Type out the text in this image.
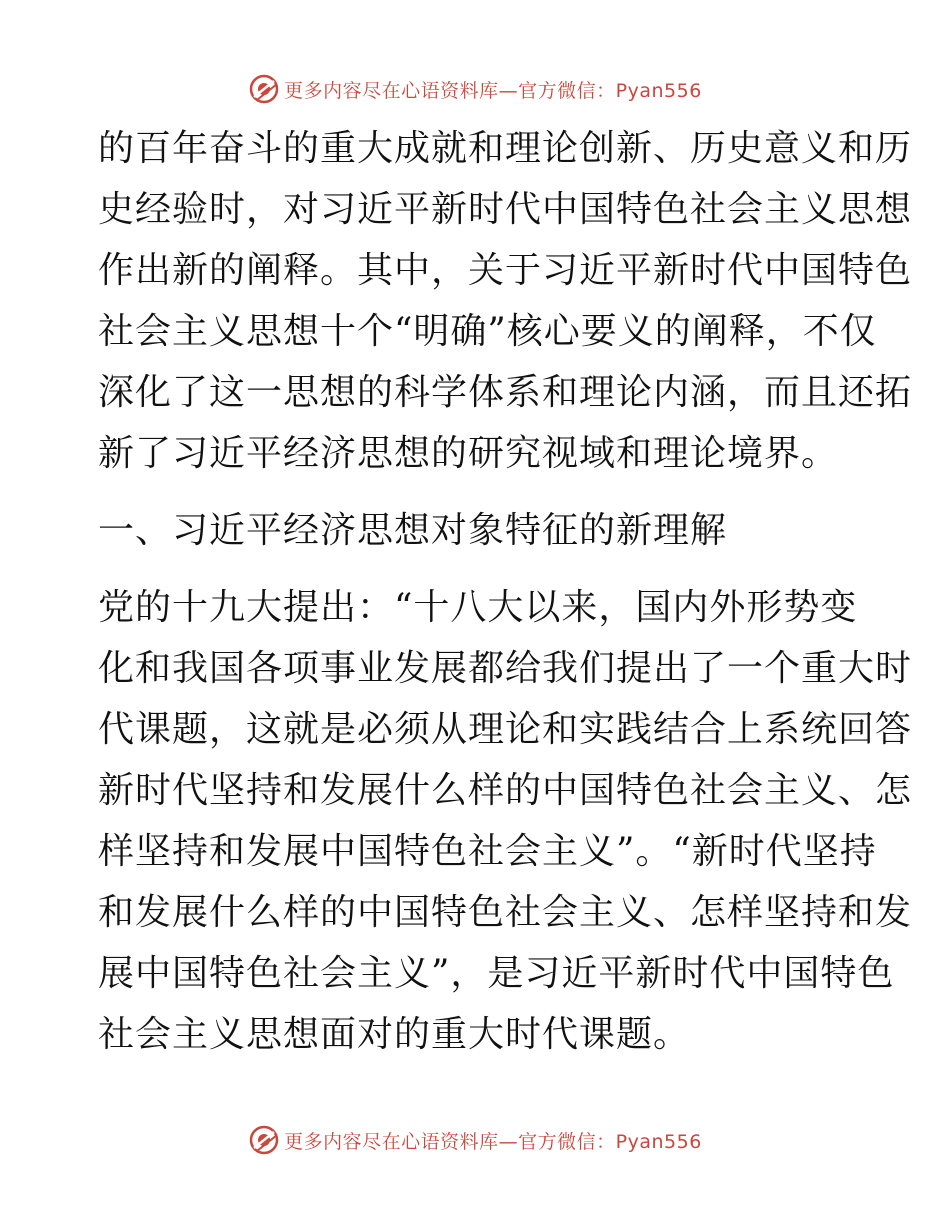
更多内容尽在心语资料库—官方微信：Pyan556
的百年奋斗的重大成就和理论创新、历史意义和历
史经验时，对习近平新时代中国特色社会主义思想
作出新的阐释。其中，关于习近平新时代中国特色
社会主义思想十个“明确”核心要义的阐释，不仅
深化了这一思想的科学体系和理论内涵，而且还拓
新了习近平经济思想的研究视域和理论境界。
一、习近平经济思想对象特征的新理解
党的十九大提出：“十八大以来，国内外形势变
化和我国各项事业发展都给我们提出了一个重大时
代课题，这就是必须从理论和实践结合上系统回答
新时代坚持和发展什么样的中国特色社会主义、怎
样坚持和发展中国特色社会主义”。“新时代坚持
和发展什么样的中国特色社会主义、怎样坚持和发
展中国特色社会主义”，是习近平新时代中国特色
社会主义思想面对的重大时代课题。
更多内容尽在心语资料库—官方微信：Pyan556
